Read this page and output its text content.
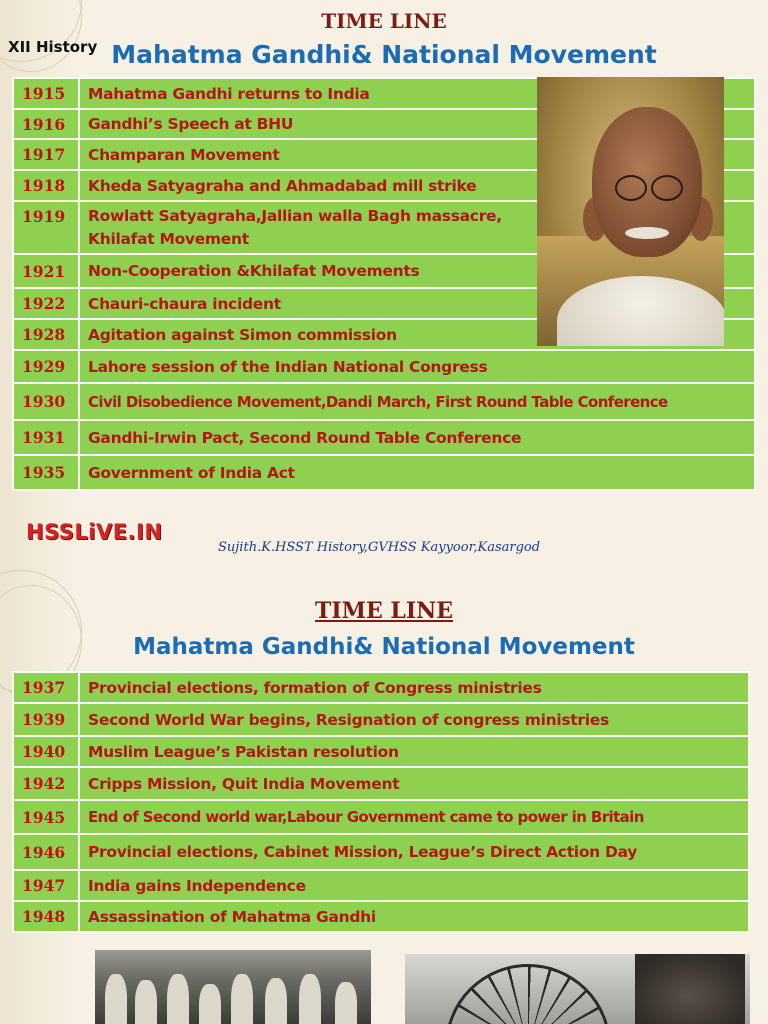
TIME LINE
XII History Mahatma Gandhi& National Movement
1915	Mahatma Gandhi returns to India
1916	Gandhi’s Speech at BHU
1917	Champaran Movement
1918	Kheda Satyagraha and Ahmadabad mill strike
1919	Rowlatt Satyagraha,Jallian walla Bagh massacre,
Khilafat Movement

1921	Non-Cooperation &Khilafat Movements
1922	Chauri-chaura incident
1928	Agitation against Simon commission
1929	Lahore session of the Indian National Congress
1930	Civil Disobedience Movement,Dandi March, First Round Table Conference
1931	Gandhi-Irwin Pact, Second Round Table Conference
1935	Government of India Act
HSSLiVE.IN
Sujith.K.HSST History,GVHSS Kayyoor,Kasargod
TIME LINE
Mahatma Gandhi& National Movement
1937	Provincial elections, formation of Congress ministries
1939	Second World War begins, Resignation of congress ministries
1940	Muslim League’s Pakistan resolution
1942	Cripps Mission, Quit India Movement
1945	End of Second world war,Labour Government came to power in Britain
1946	Provincial elections, Cabinet Mission, League’s Direct Action Day
1947	India gains Independence
1948	Assassination of Mahatma Gandhi
